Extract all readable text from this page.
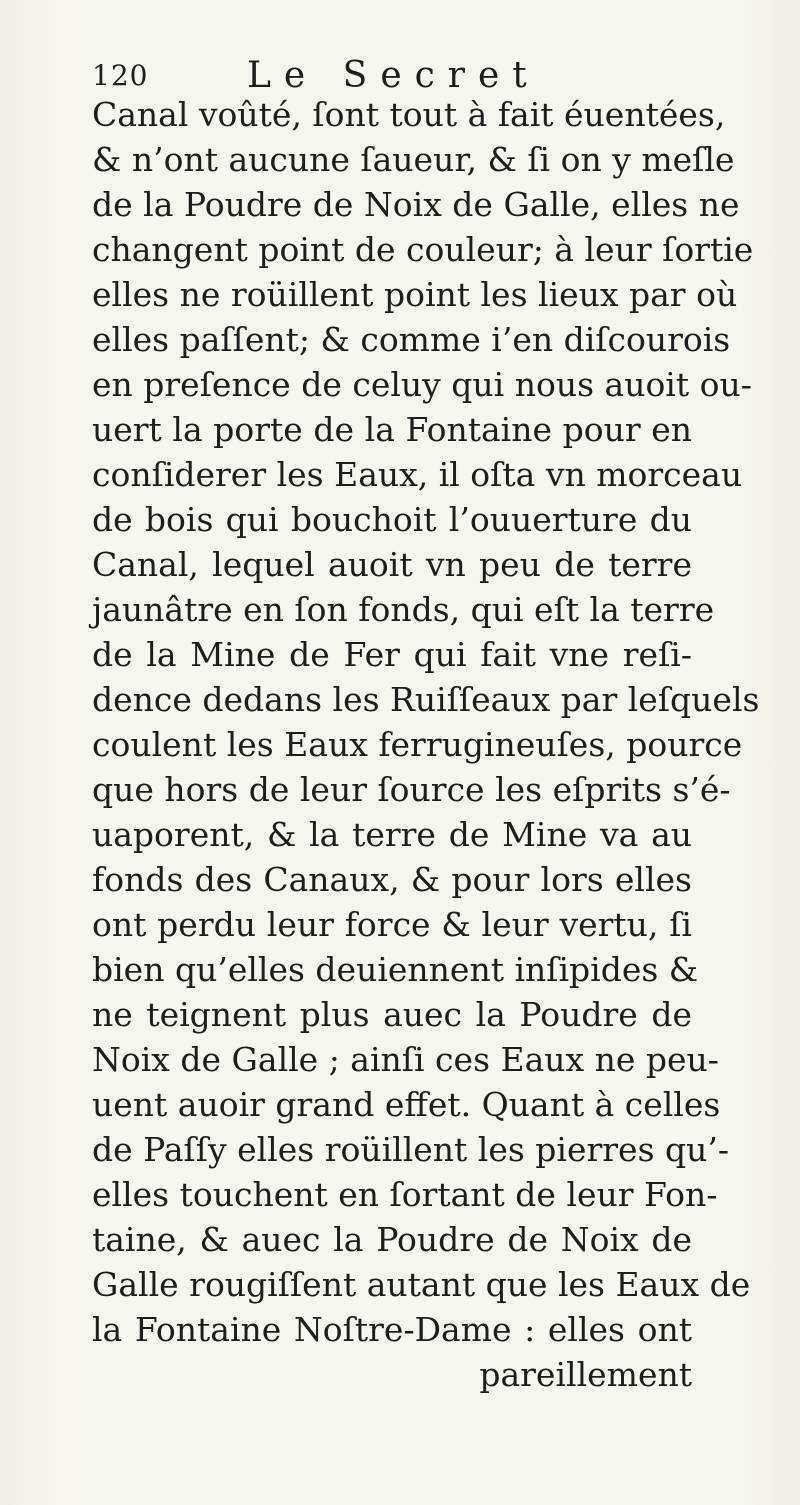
120	Le Secret
Canal voûté, ſont tout à fait éuentées,
& n’ont aucune ſaueur, & ſi on y meſle
de la Poudre de Noix de Galle, elles ne
changent point de couleur; à leur ſortie
elles ne roüillent point les lieux par où
elles paſſent; & comme i’en diſcourois
en preſence de celuy qui nous auoit ou-
uert la porte de la Fontaine pour en
conſiderer les Eaux, il oſta vn morceau
de bois qui bouchoit l’ouuerture du
Canal, lequel auoit vn peu de terre
jaunâtre en ſon fonds, qui eſt la terre
de la Mine de Fer qui fait vne reſi-
dence dedans les Ruiſſeaux par leſquels
coulent les Eaux ferrugineuſes, pource
que hors de leur ſource les eſprits s’é-
uaporent, & la terre de Mine va au
fonds des Canaux, & pour lors elles
ont perdu leur force & leur vertu, ſi
bien qu’elles deuiennent inſipides &
ne teignent plus auec la Poudre de
Noix de Galle ; ainſi ces Eaux ne peu-
uent auoir grand effet. Quant à celles
de Paſſy elles roüillent les pierres qu’-
elles touchent en ſortant de leur Fon-
taine, & auec la Poudre de Noix de
Galle rougiſſent autant que les Eaux de
la Fontaine Noſtre-Dame : elles ont
pareillement
